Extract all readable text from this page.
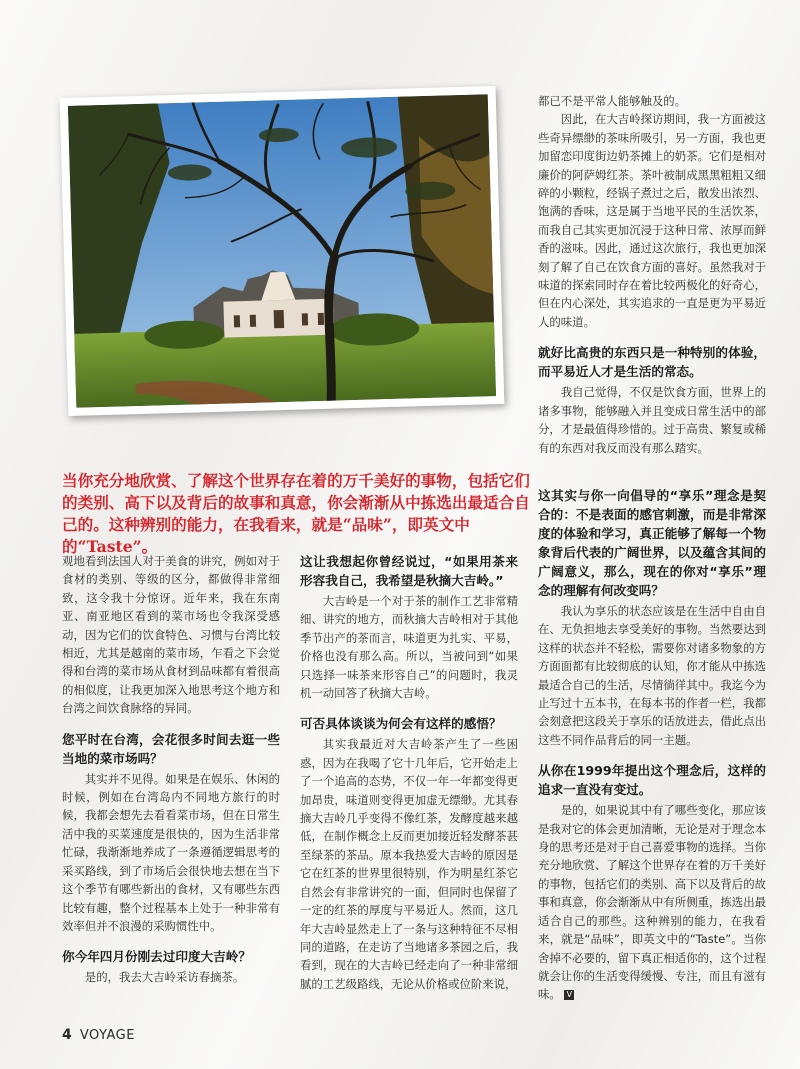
当你充分地欣赏、了解这个世界存在着的万千美好的事物，包括它们的类别、高下以及背后的故事和真意，你会渐渐从中拣选出最适合自己的。这种辨别的能力，在我看来，就是“品味”，即英文中的“Taste”。

都已不是平常人能够触及的。

因此，在大吉岭探访期间，我一方面被这些奇异缥缈的茶味所吸引，另一方面，我也更加留恋印度街边奶茶摊上的奶茶。它们是相对廉价的阿萨姆红茶。茶叶被制成黑黑粗粗又细碎的小颗粒，经锅子煮过之后，散发出浓烈、饱满的香味，这是属于当地平民的生活饮茶，而我自己其实更加沉浸于这种日常、浓厚而鲜香的滋味。因此，通过这次旅行，我也更加深刻了解了自己在饮食方面的喜好。虽然我对于味道的探索同时存在着比较两极化的好奇心，但在内心深处，其实追求的一直是更为平易近人的味道。

就好比高贵的东西只是一种特别的体验，而平易近人才是生活的常态。

我自己觉得，不仅是饮食方面，世界上的诸多事物，能够融入并且变成日常生活中的部分，才是最值得珍惜的。过于高贵、繁复或稀有的东西对我反而没有那么踏实。

观地看到法国人对于美食的讲究，例如对于食材的类别、等级的区分，都做得非常细致，这令我十分惊讶。近年来，我在东南亚、南亚地区看到的菜市场也令我深受感动，因为它们的饮食特色、习惯与台湾比较相近，尤其是越南的菜市场，乍看之下会觉得和台湾的菜市场从食材到品味都有着很高的相似度，让我更加深入地思考这个地方和台湾之间饮食脉络的异同。

您平时在台湾，会花很多时间去逛一些当地的菜市场吗？

其实并不见得。如果是在娱乐、休闲的时候，例如在台湾岛内不同地方旅行的时候，我都会想先去看看菜市场，但在日常生活中我的买菜速度是很快的，因为生活非常忙碌，我渐渐地养成了一条遵循逻辑思考的采买路线，到了市场后会很快地去想在当下这个季节有哪些新出的食材，又有哪些东西比较有趣，整个过程基本上处于一种非常有效率但并不浪漫的采购惯性中。

你今年四月份刚去过印度大吉岭？

是的，我去大吉岭采访春摘茶。

这让我想起你曾经说过，“如果用茶来形容我自己，我希望是秋摘大吉岭。”

大吉岭是一个对于茶的制作工艺非常精细、讲究的地方，而秋摘大吉岭相对于其他季节出产的茶而言，味道更为扎实、平易，价格也没有那么高。所以，当被问到“如果只选择一味茶来形容自己”的问题时，我灵机一动回答了秋摘大吉岭。

可否具体谈谈为何会有这样的感悟？

其实我最近对大吉岭茶产生了一些困惑，因为在我喝了它十几年后，它开始走上了一个追高的态势，不仅一年一年都变得更加昂贵，味道则变得更加虚无缥缈。尤其春摘大吉岭几乎变得不像红茶，发酵度越来越低，在制作概念上反而更加接近轻发酵茶甚至绿茶的茶品。原本我热爱大吉岭的原因是它在红茶的世界里很特别，作为明星红茶它自然会有非常讲究的一面，但同时也保留了一定的红茶的厚度与平易近人。然而，这几年大吉岭显然走上了一条与这种特征不尽相同的道路，在走访了当地诸多茶园之后，我看到，现在的大吉岭已经走向了一种非常细腻的工艺级路线，无论从价格或位阶来说，

这其实与你一向倡导的“享乐”理念是契合的：不是表面的感官刺激，而是非常深度的体验和学习，真正能够了解每一个物象背后代表的广阔世界，以及蕴含其间的广阔意义，那么，现在的你对“享乐”理念的理解有何改变吗？

我认为享乐的状态应该是在生活中自由自在、无负担地去享受美好的事物。当然要达到这样的状态并不轻松，需要你对诸多物象的方方面面都有比较彻底的认知，你才能从中拣选最适合自己的生活，尽情徜徉其中。我迄今为止写过十五本书，在每本书的作者一栏，我都会刻意把这段关于享乐的话放进去，借此点出这些不同作品背后的同一主题。

从你在1999年提出这个理念后，这样的追求一直没有变过。

是的，如果说其中有了哪些变化，那应该是我对它的体会更加清晰，无论是对于理念本身的思考还是对于自己喜爱事物的选择。当你充分地欣赏、了解这个世界存在着的万千美好的事物，包括它们的类别、高下以及背后的故事和真意，你会渐渐从中有所侧重，拣选出最适合自己的那些。这种辨别的能力，在我看来，就是“品味”，即英文中的“Taste”。当你舍掉不必要的，留下真正相适你的，这个过程就会让你的生活变得缓慢、专注，而且有滋有味。 V

4 VOYAGE
